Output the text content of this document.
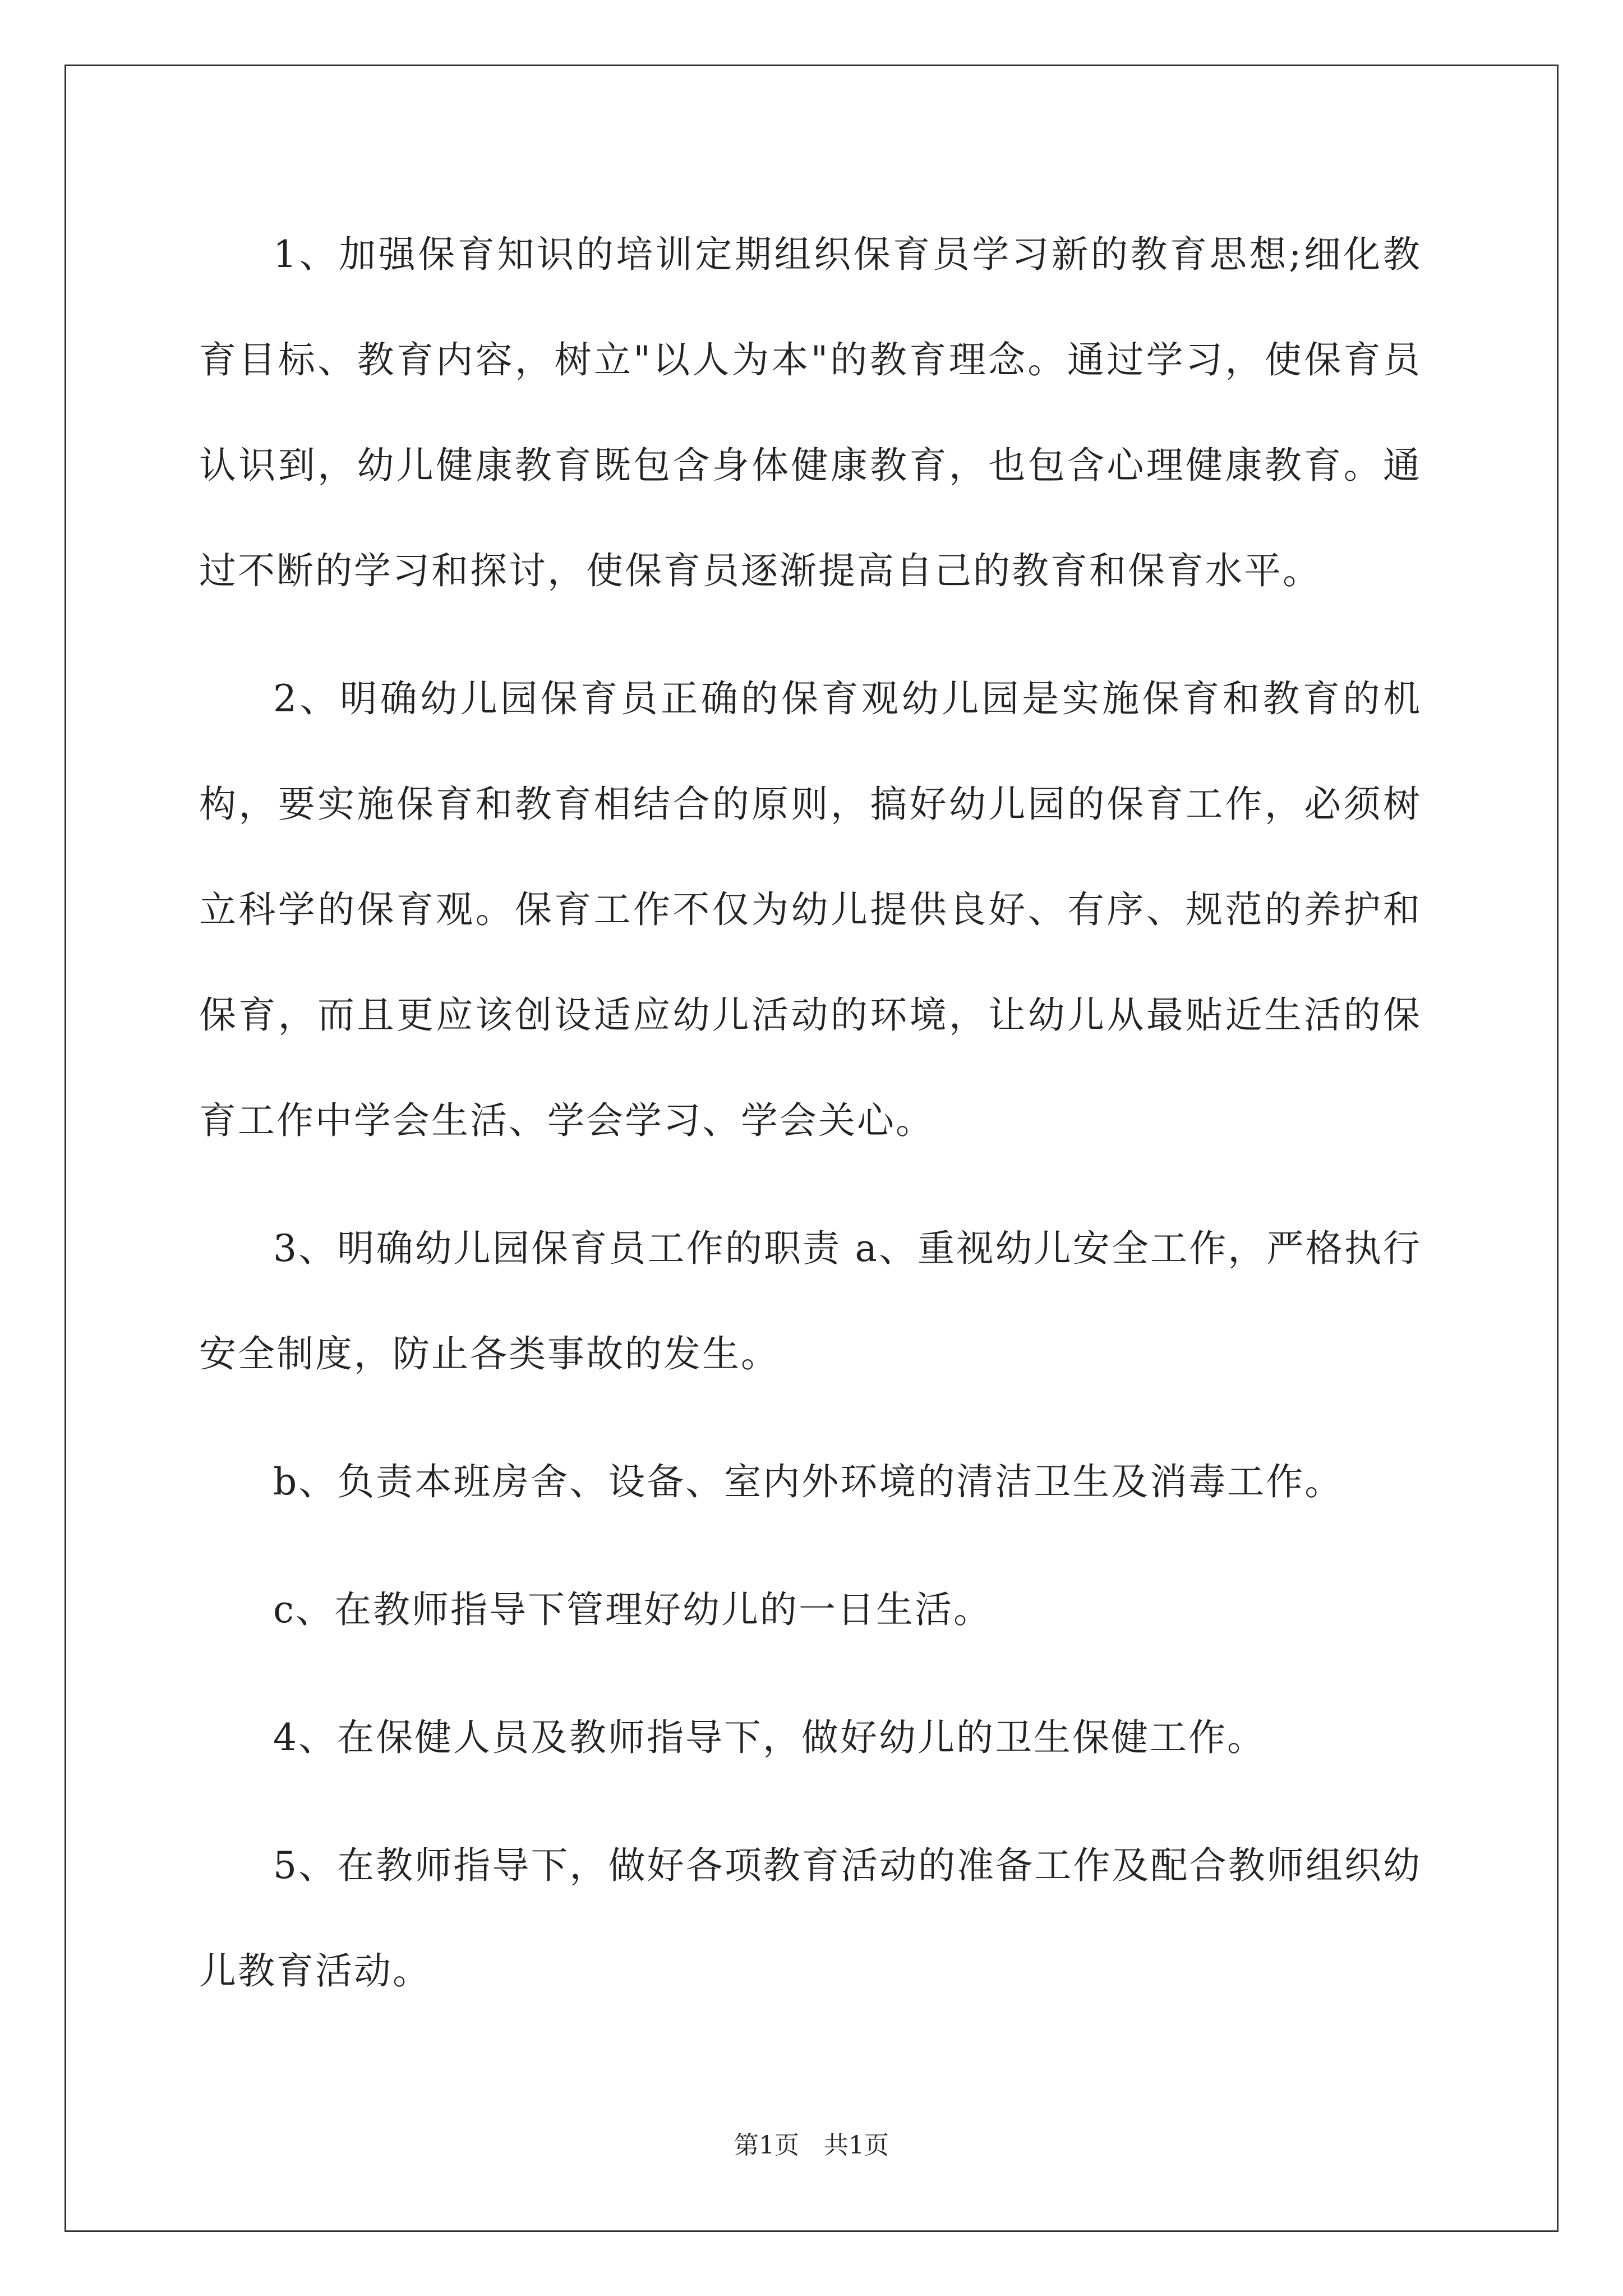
1、加强保育知识的培训定期组织保育员学习新的教育思想;细化教育目标、教育内容，树立"以人为本"的教育理念。通过学习，使保育员认识到，幼儿健康教育既包含身体健康教育，也包含心理健康教育。通过不断的学习和探讨，使保育员逐渐提高自己的教育和保育水平。

2、明确幼儿园保育员正确的保育观幼儿园是实施保育和教育的机构，要实施保育和教育相结合的原则，搞好幼儿园的保育工作，必须树立科学的保育观。保育工作不仅为幼儿提供良好、有序、规范的养护和保育，而且更应该创设适应幼儿活动的环境，让幼儿从最贴近生活的保育工作中学会生活、学会学习、学会关心。

3、明确幼儿园保育员工作的职责 a、重视幼儿安全工作，严格执行安全制度，防止各类事故的发生。

b、负责本班房舍、设备、室内外环境的清洁卫生及消毒工作。

c、在教师指导下管理好幼儿的一日生活。

4、在保健人员及教师指导下，做好幼儿的卫生保健工作。

5、在教师指导下，做好各项教育活动的准备工作及配合教师组织幼儿教育活动。

第1页 共1页
